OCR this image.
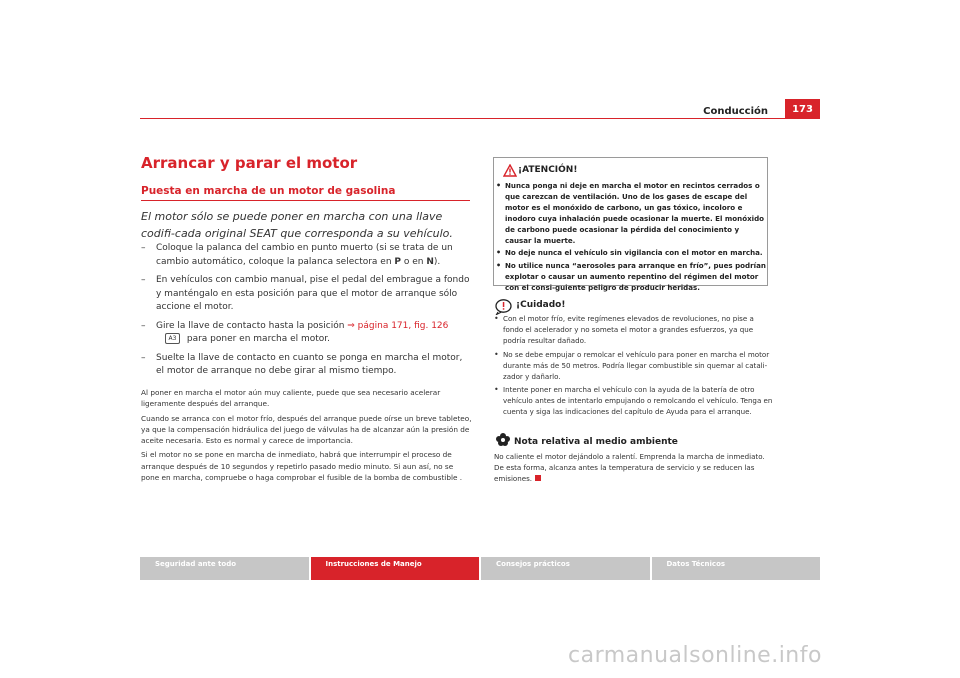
Conducción	173
Arrancar y parar el motor
Puesta en marcha de un motor de gasolina
El motor sólo se puede poner en marcha con una llave codifi-cada original SEAT que corresponda a su vehículo.
– Coloque la palanca del cambio en punto muerto (si se trata de un cambio automático, coloque la palanca selectora en P o en N).
– En vehículos con cambio manual, pise el pedal del embrague a fondo y manténgalo en esta posición para que el motor de arranque sólo accione el motor.
– Gire la llave de contacto hasta la posición ⇒ página 171, fig. 126A3 para poner en marcha el motor.
– Suelte la llave de contacto en cuanto se ponga en marcha el motor, el motor de arranque no debe girar al mismo tiempo.

Al poner en marcha el motor aún muy caliente, puede que sea necesario acelerar ligeramente después del arranque.

Cuando se arranca con el motor frío, después del arranque puede oírse un breve tableteo, ya que la compensación hidráulica del juego de válvulas ha de alcanzar aún la presión de aceite necesaria. Esto es normal y carece de importancia.

Si el motor no se pone en marcha de inmediato, habrá que interrumpir el proceso de arranque después de 10 segundos y repetirlo pasado medio minuto. Si aun así, no se pone en marcha, compruebe o haga comprobar el fusible de la bomba de combustible .

¡ATENCIÓN!
• Nunca ponga ni deje en marcha el motor en recintos cerrados o que carezcan de ventilación. Uno de los gases de escape del motor es el monóxido de carbono, un gas tóxico, incoloro e inodoro cuya inhalación puede ocasionar la muerte. El monóxido de carbono puede ocasionar la pérdida del conocimiento y causar la muerte.
• No deje nunca el vehículo sin vigilancia con el motor en marcha.
• No utilice nunca “aerosoles para arranque en frío”, pues podrían explotar o causar un aumento repentino del régimen del motor con el consi-guiente peligro de producir heridas.
¡Cuidado!
• Con el motor frío, evite regímenes elevados de revoluciones, no pise a fondo el acelerador y no someta el motor a grandes esfuerzos, ya que podría resultar dañado.
• No se debe empujar o remolcar el vehículo para poner en marcha el motor durante más de 50 metros. Podría llegar combustible sin quemar al catali-zador y dañarlo.
• Intente poner en marcha el vehículo con la ayuda de la batería de otro vehículo antes de intentarlo empujando o remolcando el vehículo. Tenga en cuenta y siga las indicaciones del capítulo de Ayuda para el arranque.
Nota relativa al medio ambiente
No caliente el motor dejándolo a ralentí. Emprenda la marcha de inmediato. De esta forma, alcanza antes la temperatura de servicio y se reducen las emisiones.
Seguridad ante todo	Instrucciones de Manejo	Consejos prácticos	Datos Técnicos
carmanualsonline.info
